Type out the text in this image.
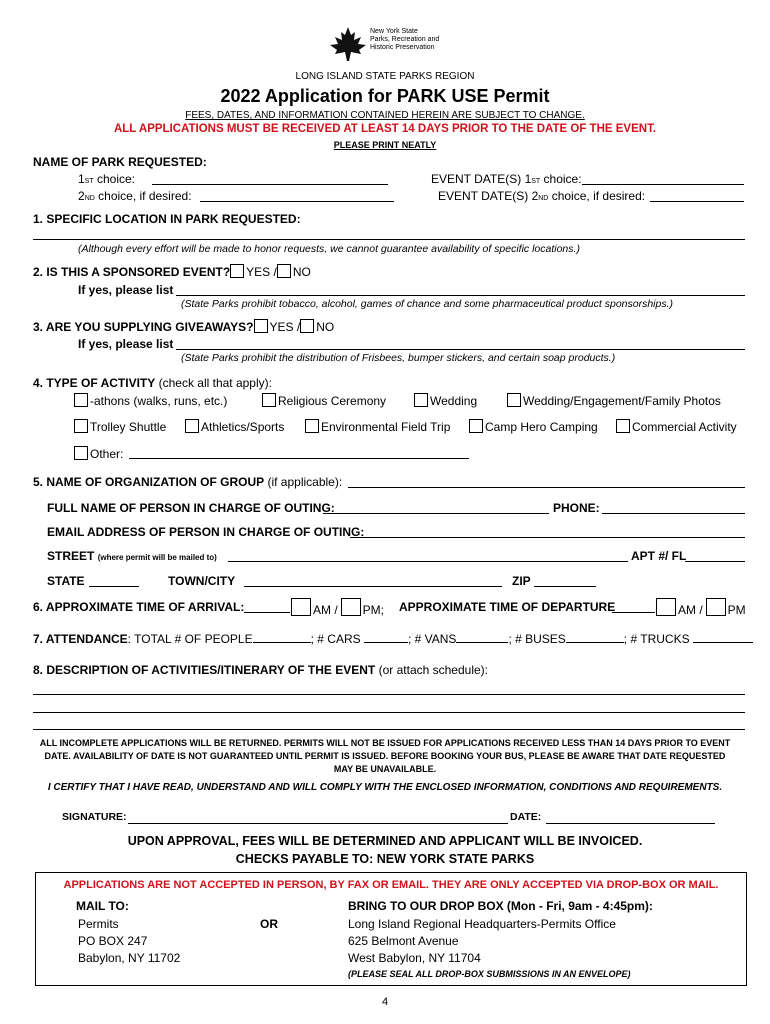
New York State
Parks, Recreation and
Historic Preservation
LONG ISLAND STATE PARKS REGION
2022 Application for PARK USE Permit
FEES, DATES, AND INFORMATION CONTAINED HEREIN ARE SUBJECT TO CHANGE.
ALL APPLICATIONS MUST BE RECEIVED AT LEAST 14 DAYS PRIOR TO THE DATE OF THE EVENT.
PLEASE PRINT NEATLY
NAME OF PARK REQUESTED:
1ST choice:
2ND choice, if desired:
EVENT DATE(S) 1ST choice:
EVENT DATE(S) 2ND choice, if desired:
1. SPECIFIC LOCATION IN PARK REQUESTED:
(Although every effort will be made to honor requests, we cannot guarantee availability of specific locations.)
2. IS THIS A SPONSORED EVENT? YES / NO
If yes, please list
(State Parks prohibit tobacco, alcohol, games of chance and some pharmaceutical product sponsorships.)
3. ARE YOU SUPPLYING GIVEAWAYS? YES / NO
If yes, please list
(State Parks prohibit the distribution of Frisbees, bumper stickers, and certain soap products.)
4. TYPE OF ACTIVITY (check all that apply):
-athons (walks, runs, etc.)	Religious Ceremony	Wedding	Wedding/Engagement/Family Photos
Trolley Shuttle	Athletics/Sports	Environmental Field Trip	Camp Hero Camping	Commercial Activity
Other:
5. NAME OF ORGANIZATION OF GROUP (if applicable):
FULL NAME OF PERSON IN CHARGE OF OUTING:	PHONE:
EMAIL ADDRESS OF PERSON IN CHARGE OF OUTING:
STREET (where permit will be mailed to)	APT #/ FL
STATE	TOWN/CITY	ZIP
6. APPROXIMATE TIME OF ARRIVAL:	AM / PM; APPROXIMATE TIME OF DEPARTURE	AM / PM
7. ATTENDANCE: TOTAL # OF PEOPLE	; # CARS	; # VANS	; # BUSES	; # TRUCKS
8. DESCRIPTION OF ACTIVITIES/ITINERARY OF THE EVENT (or attach schedule):
ALL INCOMPLETE APPLICATIONS WILL BE RETURNED. PERMITS WILL NOT BE ISSUED FOR APPLICATIONS RECEIVED LESS THAN 14 DAYS PRIOR TO EVENT
DATE. AVAILABILITY OF DATE IS NOT GUARANTEED UNTIL PERMIT IS ISSUED. BEFORE BOOKING YOUR BUS, PLEASE BE AWARE THAT DATE REQUESTED
MAY BE UNAVAILABLE.
I CERTIFY THAT I HAVE READ, UNDERSTAND AND WILL COMPLY WITH THE ENCLOSED INFORMATION, CONDITIONS AND REQUIREMENTS.
SIGNATURE:	DATE:
UPON APPROVAL, FEES WILL BE DETERMINED AND APPLICANT WILL BE INVOICED.
CHECKS PAYABLE TO: NEW YORK STATE PARKS
APPLICATIONS ARE NOT ACCEPTED IN PERSON, BY FAX OR EMAIL. THEY ARE ONLY ACCEPTED VIA DROP-BOX OR MAIL.
MAIL TO:
Permits
PO BOX 247
Babylon, NY 11702
OR
BRING TO OUR DROP BOX (Mon - Fri, 9am - 4:45pm):
Long Island Regional Headquarters-Permits Office
625 Belmont Avenue
West Babylon, NY 11704
(PLEASE SEAL ALL DROP-BOX SUBMISSIONS IN AN ENVELOPE)
4
